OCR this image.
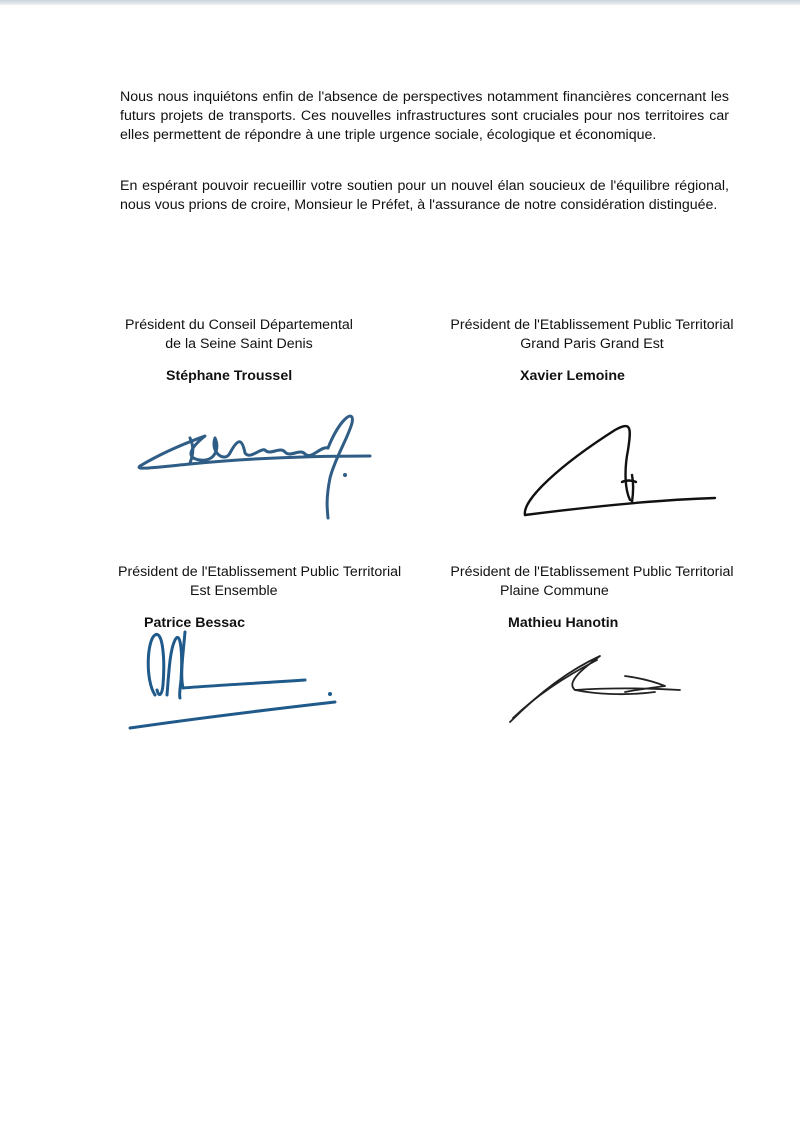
Nous nous inquiétons enfin de l'absence de perspectives notamment financières concernant les futurs projets de transports. Ces nouvelles infrastructures sont cruciales pour nos territoires car elles permettent de répondre à une triple urgence sociale, écologique et économique.

En espérant pouvoir recueillir votre soutien pour un nouvel élan soucieux de l'équilibre régional, nous vous prions de croire, Monsieur le Préfet, à l'assurance de notre considération distinguée.

Président du Conseil Départemental
de la Seine Saint Denis
Stéphane Troussel
Président de l'Etablissement Public Territorial
Grand Paris Grand Est
Xavier Lemoine
Président de l'Etablissement Public Territorial
Est Ensemble
Patrice Bessac
Président de l'Etablissement Public Territorial
Plaine Commune
Mathieu Hanotin
